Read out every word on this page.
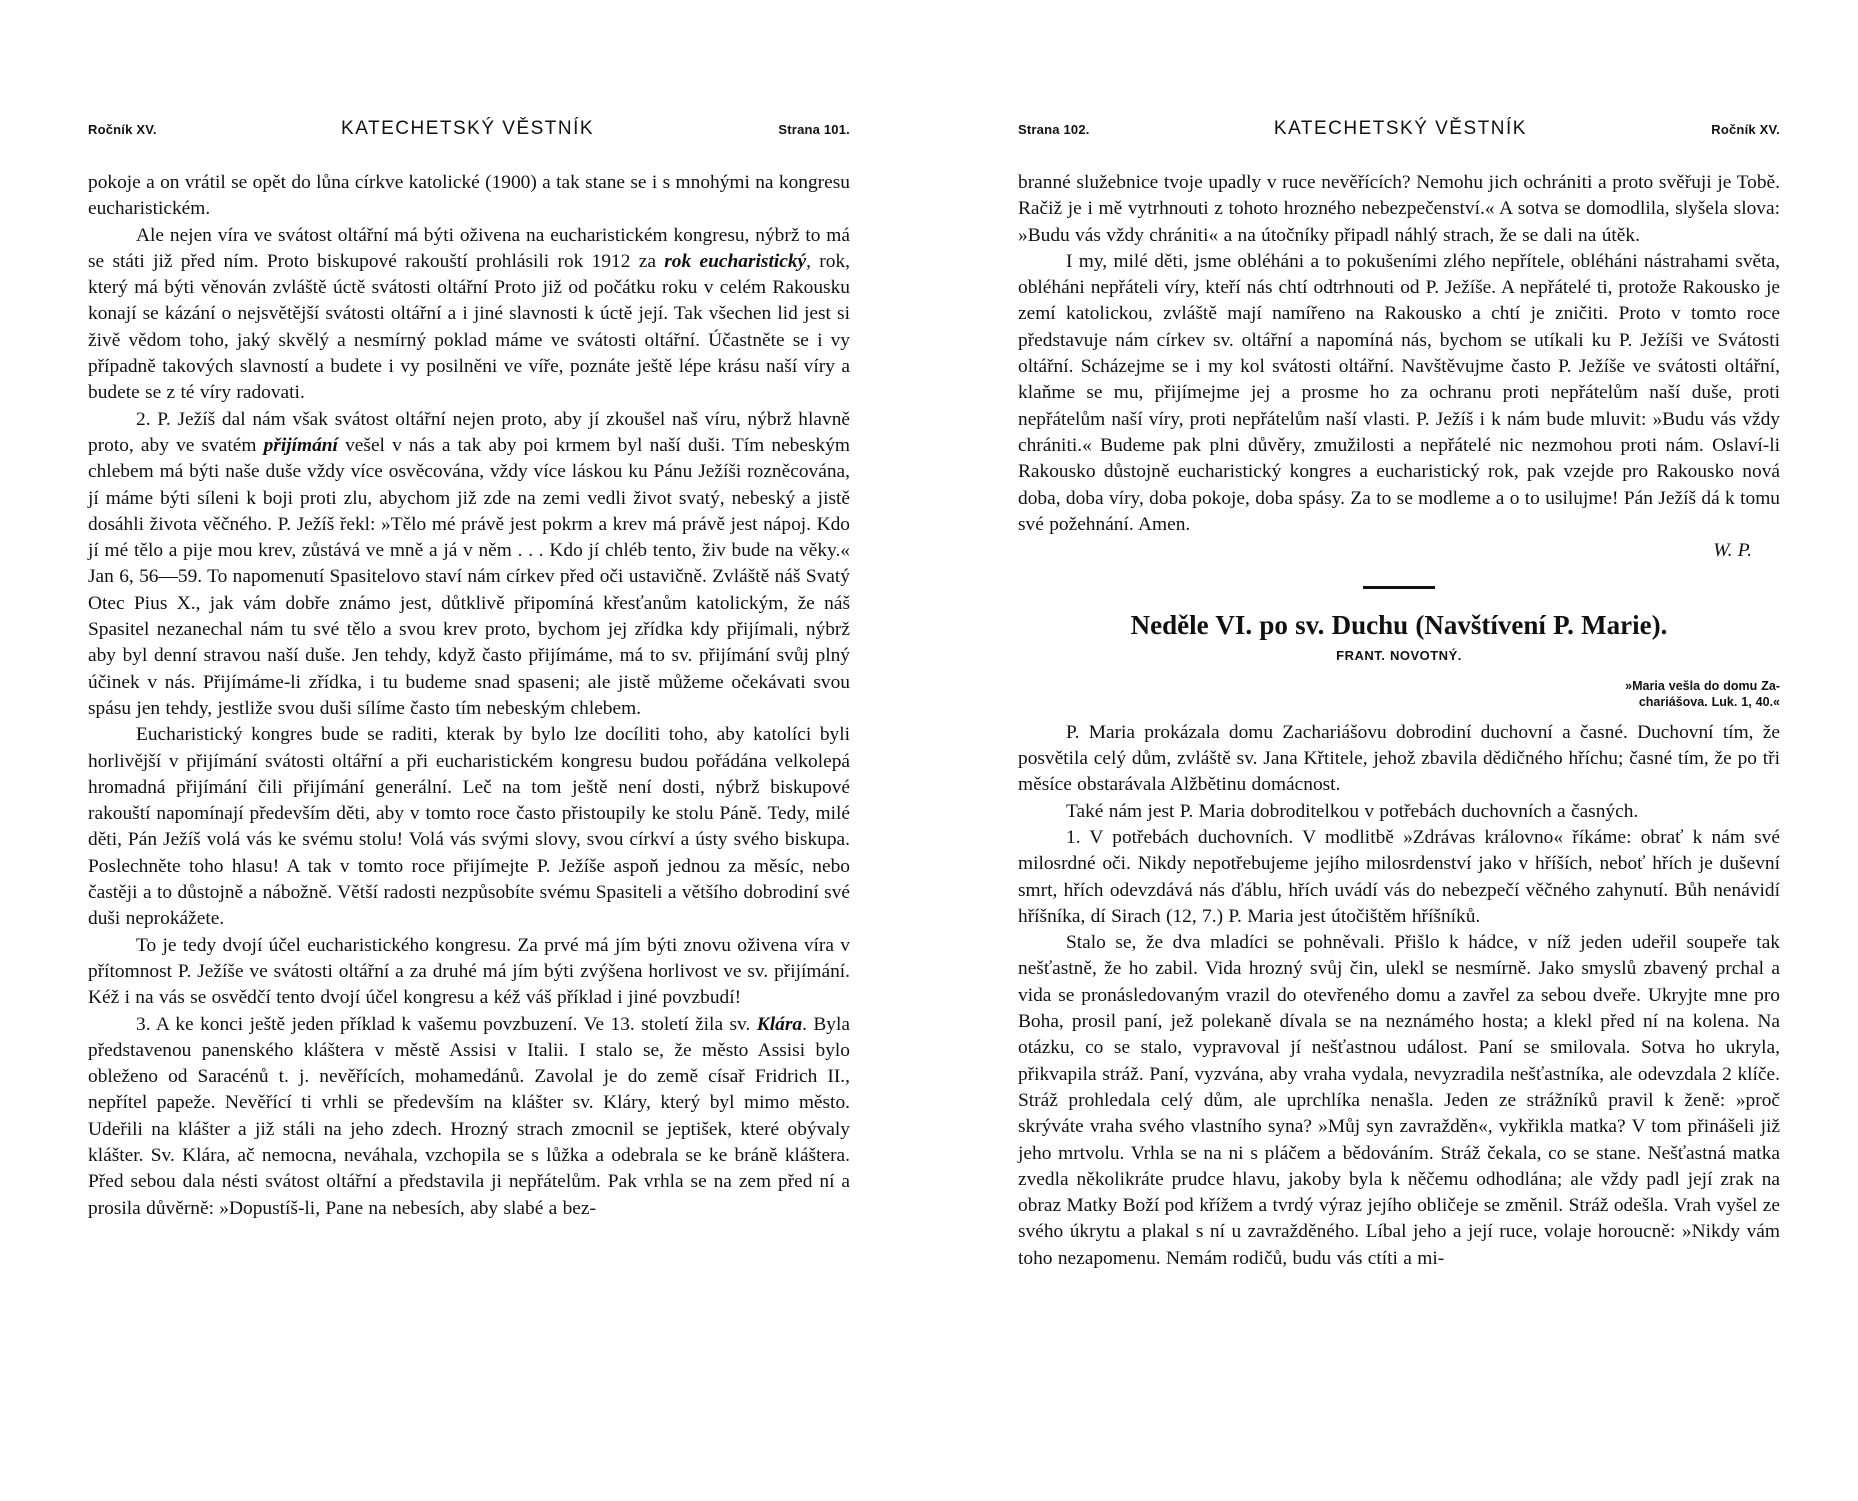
Ročník XV.	KATECHETSKÝ VĚSTNÍK	Strana 101.

pokoje a on vrátil se opět do lůna církve katolické (1900) a tak stane se i s mnohými na kongresu eucharistickém.

Ale nejen víra ve svátost oltářní má býti oživena na eucharistickém kongresu, nýbrž to má se státi již před ním. Proto biskupové rakouští prohlásili rok 1912 za rok eucharistický, rok, který má býti věnován zvláště úctě svátosti oltářní Proto již od počátku roku v celém Rakousku konají se kázání o nejsvětější svátosti oltářní a i jiné slavnosti k úctě její. Tak všechen lid jest si živě vědom toho, jaký skvělý a nesmírný poklad máme ve svátosti oltářní. Účastněte se i vy případně takových slavností a budete i vy posilněni ve víře, poznáte ještě lépe krásu naší víry a budete se z té víry radovati.

2. P. Ježíš dal nám však svátost oltářní nejen proto, aby jí zkoušel naš víru, nýbrž hlavně proto, aby ve svatém přijímání vešel v nás a tak aby poi krmem byl naší duši. Tím nebeským chlebem má býti naše duše vždy více osvěcována, vždy více láskou ku Pánu Ježíši rozněcována, jí máme býti síleni k boji proti zlu, abychom již zde na zemi vedli život svatý, nebeský a jistě dosáhli života věčného. P. Ježíš řekl: »Tělo mé právě jest pokrm a krev má právě jest nápoj. Kdo jí mé tělo a pije mou krev, zůstává ve mně a já v něm . . . Kdo jí chléb tento, živ bude na věky.« Jan 6, 56—59. To napomenutí Spasitelovo staví nám církev před oči ustavičně. Zvláště náš Svatý Otec Pius X., jak vám dobře známo jest, důtklivě připomíná křesťanům katolickým, že náš Spasitel nezanechal nám tu své tělo a svou krev proto, bychom jej zřídka kdy přijímali, nýbrž aby byl denní stravou naší duše. Jen tehdy, když často přijímáme, má to sv. přijímání svůj plný účinek v nás. Přijímáme-li zřídka, i tu budeme snad spaseni; ale jistě můžeme očekávati svou spásu jen tehdy, jestliže svou duši sílíme často tím nebeským chlebem.

Eucharistický kongres bude se raditi, kterak by bylo lze docíliti toho, aby katolíci byli horlivější v přijímání svátosti oltářní a při eucharistickém kongresu budou pořádána velkolepá hromadná přijímání čili přijímání generální. Leč na tom ještě není dosti, nýbrž biskupové rakouští napomínají především děti, aby v tomto roce často přistoupily ke stolu Páně. Tedy, milé děti, Pán Ježíš volá vás ke svému stolu! Volá vás svými slovy, svou církví a ústy svého biskupa. Poslechněte toho hlasu! A tak v tomto roce přijímejte P. Ježíše aspoň jednou za měsíc, nebo častěji a to důstojně a nábožně. Větší radosti nezpůsobíte svému Spasiteli a většího dobrodiní své duši neprokážete.

To je tedy dvojí účel eucharistického kongresu. Za prvé má jím býti znovu oživena víra v přítomnost P. Ježíše ve svátosti oltářní a za druhé má jím býti zvýšena horlivost ve sv. přijímání. Kéž i na vás se osvědčí tento dvojí účel kongresu a kéž váš příklad i jiné povzbudí!

3. A ke konci ještě jeden příklad k vašemu povzbuzení. Ve 13. století žila sv. Klára. Byla představenou panenského kláštera v městě Assisi v Italii. I stalo se, že město Assisi bylo obleženo od Saracénů t. j. nevěřících, mohamedánů. Zavolal je do země císař Fridrich II., nepřítel papeže. Nevěřící ti vrhli se především na klášter sv. Kláry, který byl mimo město. Udeřili na klášter a již stáli na jeho zdech. Hrozný strach zmocnil se jeptišek, které obývaly klášter. Sv. Klára, ač nemocna, neváhala, vzchopila se s lůžka a odebrala se ke bráně kláštera. Před sebou dala nésti svátost oltářní a představila ji nepřátelům. Pak vrhla se na zem před ní a prosila důvěrně: »Dopustíš-li, Pane na nebesích, aby slabé a bez-

Strana 102.	KATECHETSKÝ VĚSTNÍK	Ročník XV.

branné služebnice tvoje upadly v ruce nevěřících? Nemohu jich ochrániti a proto svěřuji je Tobě. Račiž je i mě vytrhnouti z tohoto hrozného nebezpečenství.« A sotva se domodlila, slyšela slova: »Budu vás vždy chrániti« a na útočníky připadl náhlý strach, že se dali na útěk.

I my, milé děti, jsme obléháni a to pokušeními zlého nepřítele, obléháni nástrahami světa, obléháni nepřáteli víry, kteří nás chtí odtrhnouti od P. Ježíše. A nepřátelé ti, protože Rakousko je zemí katolickou, zvláště mají namířeno na Rakousko a chtí je zničiti. Proto v tomto roce představuje nám církev sv. oltářní a napomíná nás, bychom se utíkali ku P. Ježíši ve Svátosti oltářní. Scházejme se i my kol svátosti oltářní. Navštěvujme často P. Ježíše ve svátosti oltářní, klaňme se mu, přijímejme jej a prosme ho za ochranu proti nepřátelům naší duše, proti nepřátelům naší víry, proti nepřátelům naší vlasti. P. Ježíš i k nám bude mluvit: »Budu vás vždy chrániti.« Budeme pak plni důvěry, zmužilosti a nepřátelé nic nezmohou proti nám. Oslaví-li Rakousko důstojně eucharistický kongres a eucharistický rok, pak vzejde pro Rakousko nová doba, doba víry, doba pokoje, doba spásy. Za to se modleme a o to usilujme! Pán Ježíš dá k tomu své požehnání. Amen.

W. P.
Neděle VI. po sv. Duchu (Navštívení P. Marie).
FRANT. NOVOTNÝ.
»Maria vešla do domu Za-
chariášova. Luk. 1, 40.«

P. Maria prokázala domu Zachariášovu dobrodiní duchovní a časné. Duchovní tím, že posvětila celý dům, zvláště sv. Jana Křtitele, jehož zbavila dědičného hříchu; časné tím, že po tři měsíce obstarávala Alžbětinu domácnost.

Také nám jest P. Maria dobroditelkou v potřebách duchovních a časných.

1. V potřebách duchovních. V modlitbě »Zdrávas královno« říkáme: obrať k nám své milosrdné oči. Nikdy nepotřebujeme jejího milosrdenství jako v hříších, neboť hřích je duševní smrt, hřích odevzdává nás ďáblu, hřích uvádí vás do nebezpečí věčného zahynutí. Bůh nenávidí hříšníka, dí Sirach (12, 7.) P. Maria jest útočištěm hříšníků.

Stalo se, že dva mladíci se pohněvali. Přišlo k hádce, v níž jeden udeřil soupeře tak nešťastně, že ho zabil. Vida hrozný svůj čin, ulekl se nesmírně. Jako smyslů zbavený prchal a vida se pronásledovaným vrazil do otevřeného domu a zavřel za sebou dveře. Ukryjte mne pro Boha, prosil paní, jež polekaně dívala se na neznámého hosta; a klekl před ní na kolena. Na otázku, co se stalo, vypravoval jí nešťastnou událost. Paní se smilovala. Sotva ho ukryla, přikvapila stráž. Paní, vyzvána, aby vraha vydala, nevyzradila nešťastníka, ale odevzdala 2 klíče. Stráž prohledala celý dům, ale uprchlíka nenašla. Jeden ze strážníků pravil k ženě: »proč skrýváte vraha svého vlastního syna? »Můj syn zavražděn«, vykřikla matka? V tom přinášeli již jeho mrtvolu. Vrhla se na ni s pláčem a bědováním. Stráž čekala, co se stane. Nešťastná matka zvedla několikráte prudce hlavu, jakoby byla k něčemu odhodlána; ale vždy padl její zrak na obraz Matky Boží pod křížem a tvrdý výraz jejího obličeje se změnil. Stráž odešla. Vrah vyšel ze svého úkrytu a plakal s ní u zavražděného. Líbal jeho a její ruce, volaje horoucně: »Nikdy vám toho nezapomenu. Nemám rodičů, budu vás ctíti a mi-
